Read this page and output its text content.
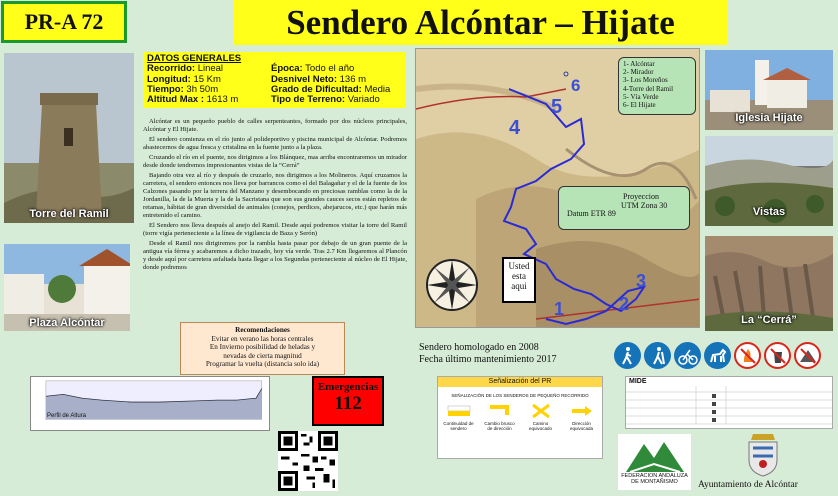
PR-A 72	Sendero Alcóntar – Hijate
Torre del Ramil
Plaza Alcóntar
Iglesia Hijate
Vistas
La “Cerrá”
DATOS GENERALES
Recorrido: Lineal	Época: Todo el año
Longitud: 15 Km	Desnivel Neto: 136 m
Tiempo: 3h 50m	Grado de Dificultad: Media
Altitud Max : 1613 m	Tipo de Terreno: Variado

Alcóntar es un pequeño pueblo de calles serpenteantes, formado por dos núcleos principales, Alcóntar y El Hijate.

El sendero comienza en el río junto al polideportivo y piscina municipal de Alcóntar. Podremos abastecernos de agua fresca y cristalina en la fuente junto a la plaza.

Cruzando el río en el puente, nos dirigimos a los Blánquez, mas arriba encontraremos un mirador desde donde tendremos impresionantes vistas de la “Cerrá”

Bajando otra vez al río y después de cruzarlo, nos dirigimos a los Molineros. Aquí cruzamos la carretera, el sendero entonces nos lleva por barrancos como el del Balagañar y el de la fuente de los Calzones pasando por la terrera del Manzano y desembocando en preciosas ramblas como la de la Jordanilla, la de la Muerta y la de la Sacristana que son sus grandes cauces secos están repletos de retamas, hábitat de gran diversidad de animales (conejos, perdices, abejarucos, etc.) que harán más entretenido el camino.

El Sendero nos lleva después al anejo del Ramil. Desde aquí podremos visitar la torre del Ramil (torre vigía perteneciente a la línea de vigilancia de Baza y Serón)

Desde el Ramil nos dirigiremos por la rambla hasta pasar por debajo de un gran puente de la antigua vía férrea y acabaremos a dicho trazado, hoy vía verde. Tras 2.7 Km llegaremos al Plancón y desde aquí por carretera asfaltada hasta llegar a los Segundas perteneciente al núcleo de El Hijate, donde podremos

6
5
4
3
2
1
1- Alcóntar
2- Mirador
3- Los Moreños
4-Torre del Ramil
5- Vía Verde
6- El Hijate
Proyeccion
UTM Zona 30
Datum ETR 89
Usted
esta
aqui
Recomendaciones
Evitar en verano las horas centrales
En Invierno posibilidad de heladas y
nevadas de cierta magnitud
Programar la vuelta (distancia solo ida)
Emergencias
112
Sendero homologado en 2008
Fecha último mantenimiento 2017
Perfil de Altura
Señalización del PR
SEÑALIZACIÓN DE LOS SENDEROS DE PEQUEÑO RECORRIDO
Continuidad de sendero
Cambio brusco de dirección
Camino equivocado
Dirección equivocada
MIDE
FEDERACION ANDALUZA DE MONTAÑISMO	Ayuntamiento de Alcóntar
